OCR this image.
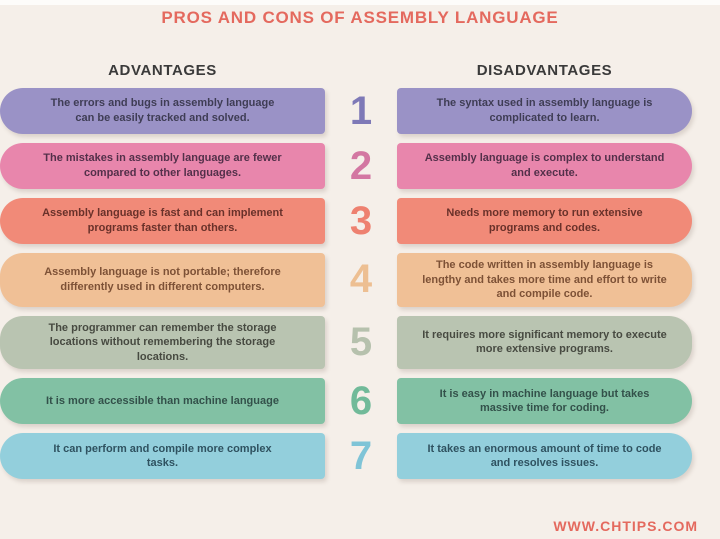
PROS AND CONS OF ASSEMBLY LANGUAGE
ADVANTAGES	DISADVANTAGES
The errors and bugs in assembly language can be easily tracked and solved.	1	The syntax used in assembly language is complicated to learn.
The mistakes in assembly language are fewer compared to other languages.	2	Assembly language is complex to understand and execute.
Assembly language is fast and can implement programs faster than others.	3	Needs more memory to run extensive programs and codes.
Assembly language is not portable; therefore differently used in different computers.	4	The code written in assembly language is lengthy and takes more time and effort to write and compile code.
The programmer can remember the storage locations without remembering the storage locations.	5	It requires more significant memory to execute more extensive programs.
It is more accessible than machine language	6	It is easy in machine language but takes massive time for coding.
It can perform and compile more complex tasks.	7	It takes an enormous amount of time to code and resolves issues.
WWW.CHTIPS.COM
